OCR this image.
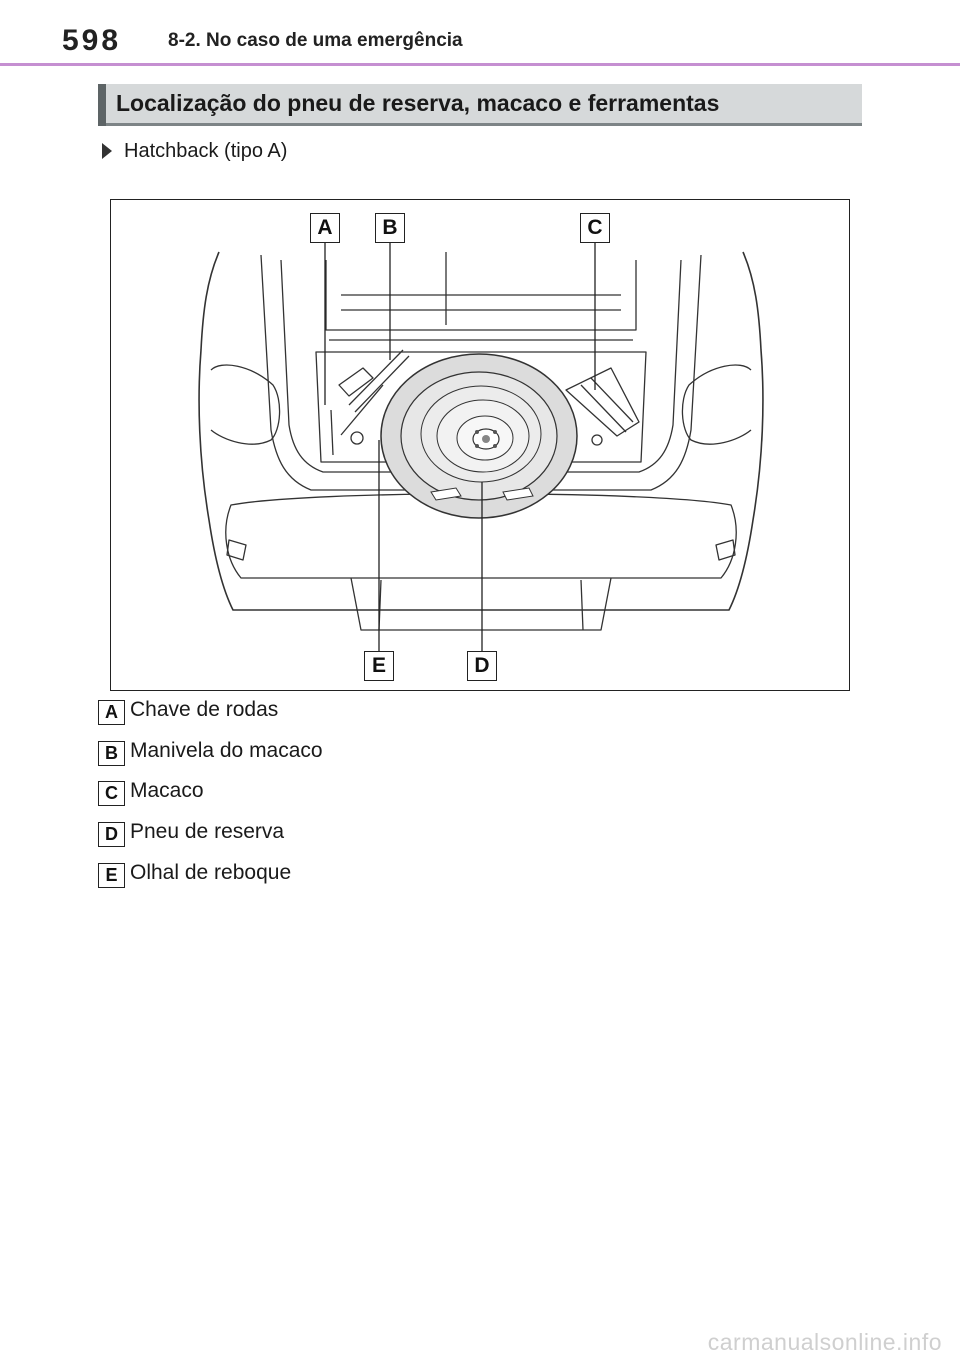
598 8-2. No caso de uma emergência
Localização do pneu de reserva, macaco e ferramentas
Hatchback (tipo A)
A	B	C
D
E
A Chave de rodas
B Manivela do macaco
C Macaco
D Pneu de reserva
E Olhal de reboque
carmanualsonline.info
